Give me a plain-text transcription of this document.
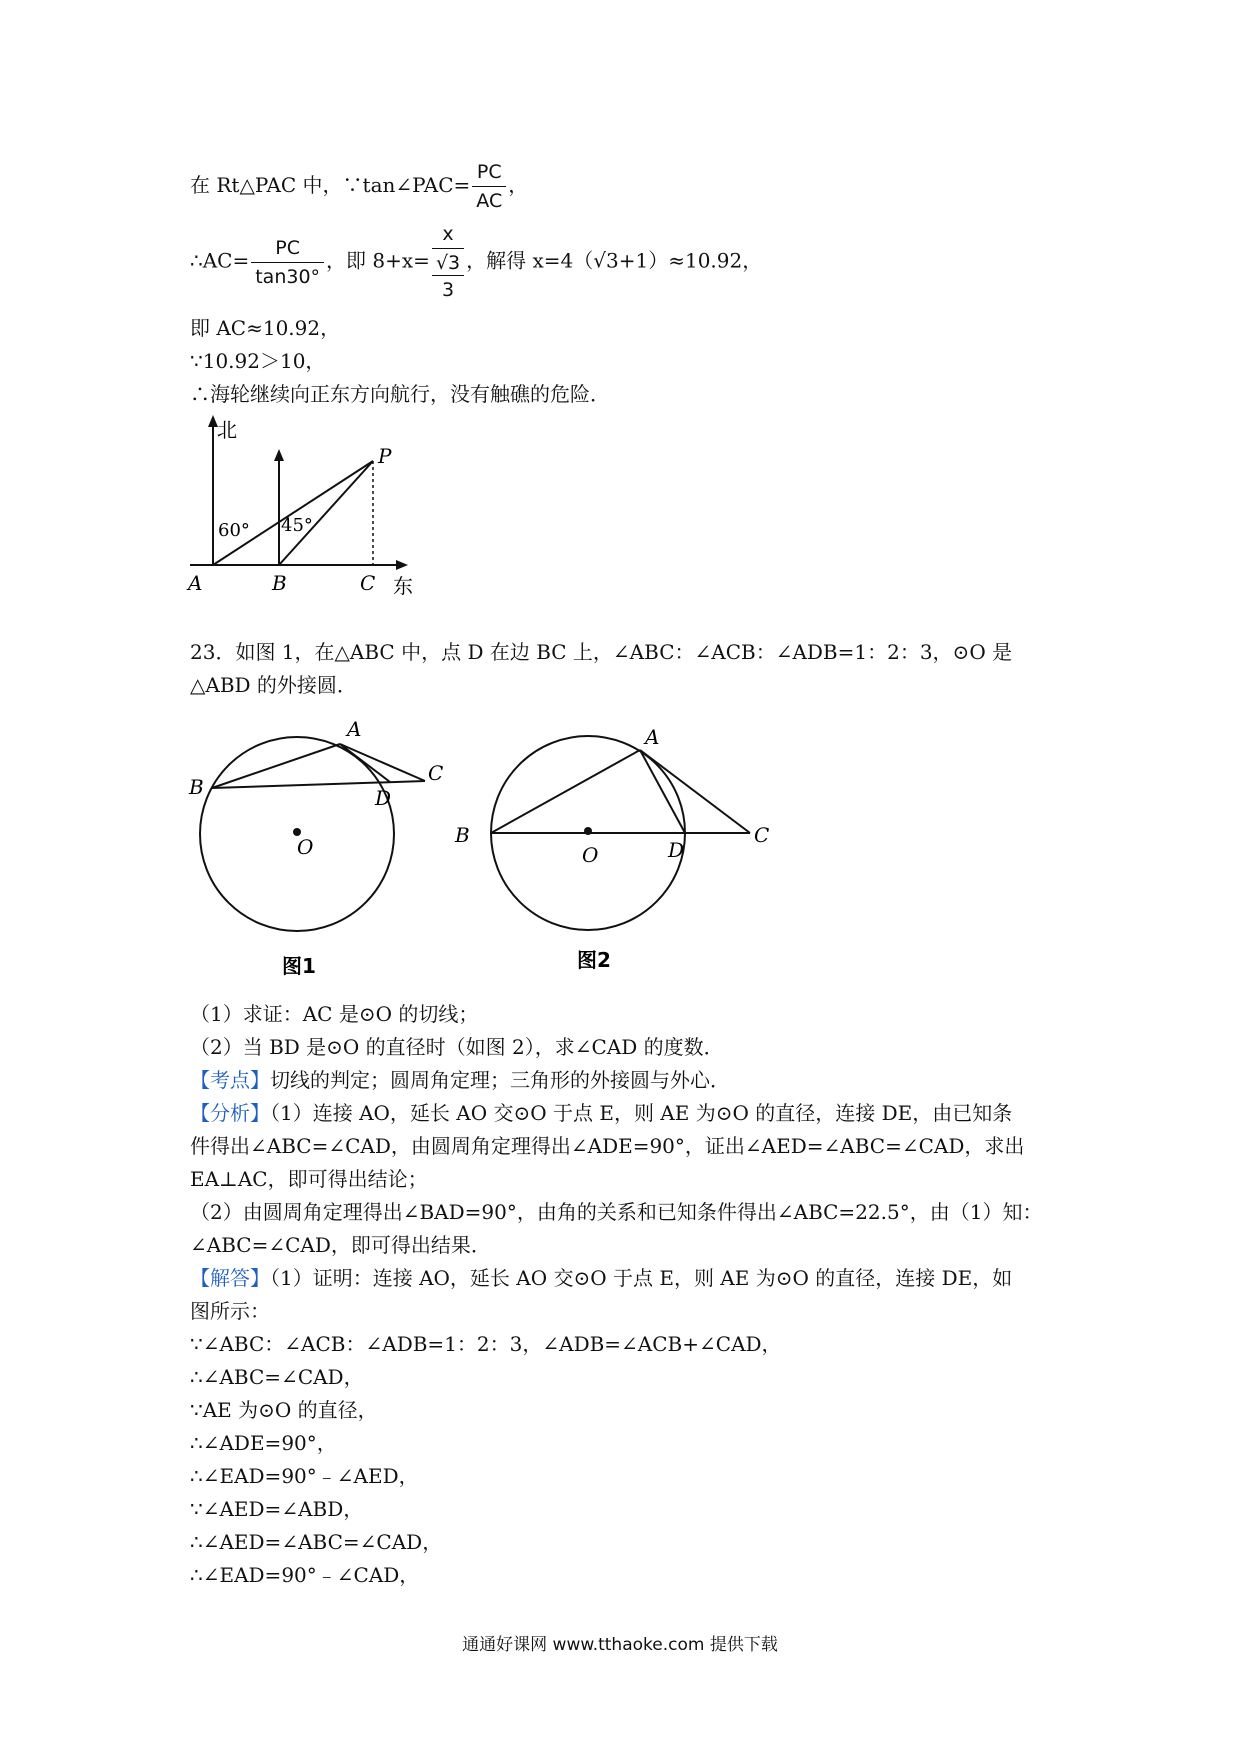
在 Rt△PAC 中，∵tan∠PAC= $\frac{PC}{AC}$ ，
∴AC= $\frac{PC}{\tan 30^\circ}$ ，即 8+x=
x
√3
3
，解得 x=4（√3+1）≈10.92，
即 AC≈10.92，
∵10.92＞10，
∴海轮继续向正东方向航行，没有触礁的危险．
北
东
A	B	C
P
60° 45°
23．如图 1，在△ABC 中，点 D 在边 BC 上，∠ABC：∠ACB：∠ADB=1：2：3，⊙O 是
△ABD 的外接圆．
A
B
C
D
O
图1
A
B	C
D
O
图2
（1）求证：AC 是⊙O 的切线；
（2）当 BD 是⊙O 的直径时（如图 2），求∠CAD 的度数．
【考点】切线的判定；圆周角定理；三角形的外接圆与外心．
【分析】（1）连接 AO，延长 AO 交⊙O 于点 E，则 AE 为⊙O 的直径，连接 DE，由已知条
件得出∠ABC=∠CAD，由圆周角定理得出∠ADE=90°，证出∠AED=∠ABC=∠CAD，求出
EA⊥AC，即可得出结论；
（2）由圆周角定理得出∠BAD=90°，由角的关系和已知条件得出∠ABC=22.5°，由（1）知：
∠ABC=∠CAD，即可得出结果．
【解答】（1）证明：连接 AO，延长 AO 交⊙O 于点 E，则 AE 为⊙O 的直径，连接 DE，如
图所示：
∵∠ABC：∠ACB：∠ADB=1：2：3，∠ADB=∠ACB+∠CAD，
∴∠ABC=∠CAD，
∵AE 为⊙O 的直径，
∴∠ADE=90°，
∴∠EAD=90°﹣∠AED，
∵∠AED=∠ABD，
∴∠AED=∠ABC=∠CAD，
∴∠EAD=90°﹣∠CAD，
通通好课网 www.tthaoke.com 提供下载
